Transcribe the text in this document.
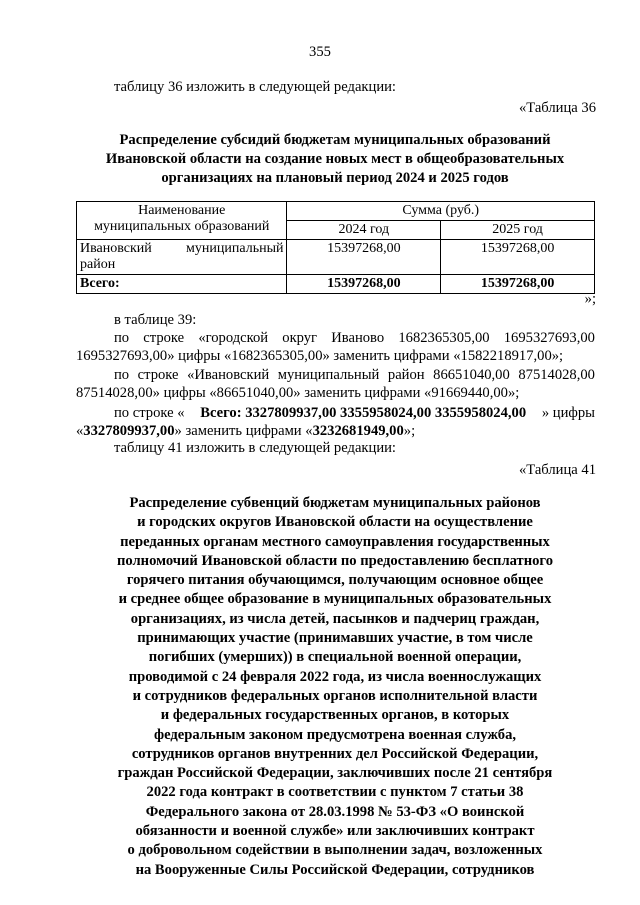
355
таблицу 36 изложить в следующей редакции:
«Таблица 36
Распределение субсидий бюджетам муниципальных образований
Ивановской области на создание новых мест в общеобразовательных
организациях на плановый период 2024 и 2025 годов
Наименование
муниципальных образований	Сумма (руб.)	
	2024 год	2025 год

Ивановский муниципальный
район	15397268,00	15397268,00
Всего:	15397268,00	15397268,00
»;
в таблице 39:
по строке «городской округ Иваново 1682365305,00 1695327693,00
1695327693,00» цифры «1682365305,00» заменить цифрами «1582218917,00»;
по строке «Ивановский муниципальный район 86651040,00 87514028,00
87514028,00» цифры «86651040,00» заменить цифрами «91669440,00»;
по строке « Всего: 3327809937,00 3355958024,00 3355958024,00 » цифры
«3327809937,00» заменить цифрами «3232681949,00»;
таблицу 41 изложить в следующей редакции:
«Таблица 41
Распределение субвенций бюджетам муниципальных районов
и городских округов Ивановской области на осуществление
переданных органам местного самоуправления государственных
полномочий Ивановской области по предоставлению бесплатного
горячего питания обучающимся, получающим основное общее
и среднее общее образование в муниципальных образовательных
организациях, из числа детей, пасынков и падчериц граждан,
принимающих участие (принимавших участие, в том числе
погибших (умерших)) в специальной военной операции,
проводимой с 24 февраля 2022 года, из числа военнослужащих
и сотрудников федеральных органов исполнительной власти
и федеральных государственных органов, в которых
федеральным законом предусмотрена военная служба,
сотрудников органов внутренних дел Российской Федерации,
граждан Российской Федерации, заключивших после 21 сентября
2022 года контракт в соответствии с пунктом 7 статьи 38
Федерального закона от 28.03.1998 № 53-ФЗ «О воинской
обязанности и военной службе» или заключивших контракт
о добровольном содействии в выполнении задач, возложенных
на Вооруженные Силы Российской Федерации, сотрудников
